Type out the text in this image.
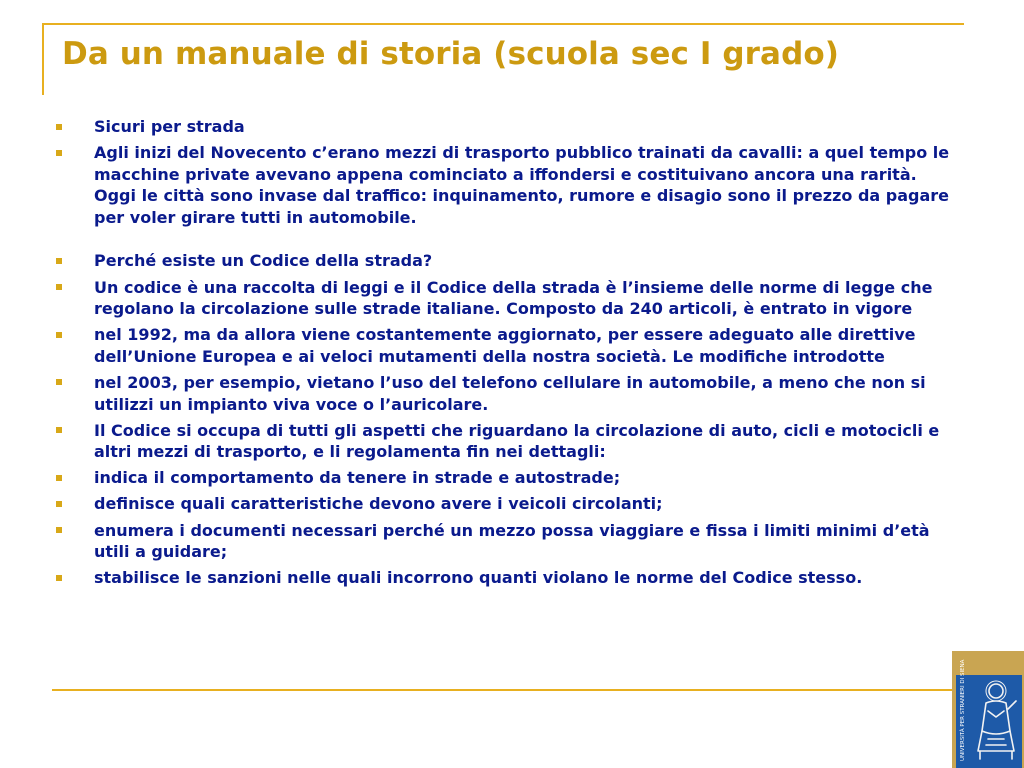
Da un manuale di storia (scuola sec I grado)
Sicuri per strada
Agli inizi del Novecento c’erano mezzi di trasporto pubblico trainati da cavalli: a quel tempo le macchine private avevano appena cominciato a iffondersi e costituivano ancora una rarità. Oggi le città sono invase dal traffico: inquinamento, rumore e disagio sono il prezzo da pagare per voler girare tutti in automobile.
Perché esiste un Codice della strada?
Un codice è una raccolta di leggi e il Codice della strada è l’insieme delle norme di legge che regolano la circolazione sulle strade italiane. Composto da 240 articoli, è entrato in vigore
nel 1992, ma da allora viene costantemente aggiornato, per essere adeguato alle direttive dell’Unione Europea e ai veloci mutamenti della nostra società. Le modifiche introdotte
nel 2003, per esempio, vietano l’uso del telefono cellulare in automobile, a meno che non si utilizzi un impianto viva voce o l’auricolare.
Il Codice si occupa di tutti gli aspetti che riguardano la circolazione di auto, cicli e motocicli e altri mezzi di trasporto, e li regolamenta fin nei dettagli:
indica il comportamento da tenere in strade e autostrade;
definisce quali caratteristiche devono avere i veicoli circolanti;
enumera i documenti necessari perché un mezzo possa viaggiare e fissa i limiti minimi d’età utili a guidare;
stabilisce le sanzioni nelle quali incorrono quanti violano le norme del Codice stesso.
UNIVERSITÀ PER STRANIERI DI SIENA
